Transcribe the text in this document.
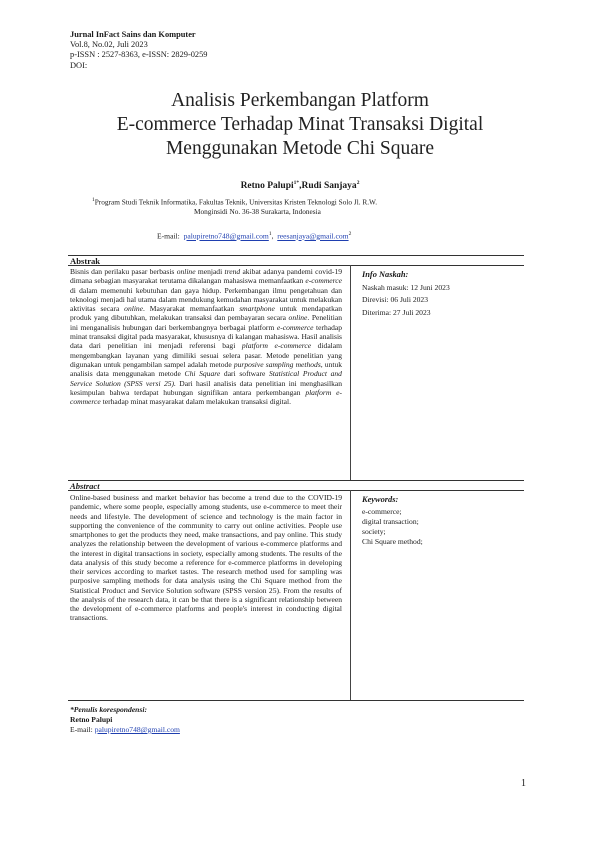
Jurnal InFact Sains dan Komputer
Vol.8, No.02, Juli 2023
p-ISSN : 2527-8363, e-ISSN: 2829-0259
DOI:
Analisis Perkembangan Platform
E-commerce Terhadap Minat Transaksi Digital
Menggunakan Metode Chi Square
Retno Palupi$^{1*}$,Rudi Sanjaya$^2$
$^1$Program Studi Teknik Informatika, Fakultas Teknik, Universitas Kristen Teknologi Solo Jl. R.W.
Monginsidi No. 36-38 Surakarta, Indonesia
E-mail: palupiretno748@gmail.com$^1$, reesanjaya@gmail.com$^2$
Abstrak
Bisnis dan perilaku pasar berbasis online menjadi trend akibat adanya pandemi covid-19 dimana sebagian masyarakat terutama dikalangan mahasiswa memanfaatkan e-commerce di dalam memenuhi kebutuhan dan gaya hidup. Perkembangan ilmu pengetahuan dan teknologi menjadi hal utama dalam mendukung kemudahan masyarakat untuk melakukan aktivitas secara online. Masyarakat memanfaatkan smartphone untuk mendapatkan produk yang dibutuhkan, melakukan transaksi dan pembayaran secara online. Penelitian ini menganalisis hubungan dari berkembangnya berbagai platform e-commerce terhadap minat transaksi digital pada masyarakat, khususnya di kalangan mahasiswa. Hasil analisis data dari penelitian ini menjadi referensi bagi platform e-commerce didalam mengembangkan layanan yang dimiliki sesuai selera pasar. Metode penelitian yang digunakan untuk pengambilan sampel adalah metode purposive sampling methods, untuk analisis data menggunakan metode Chi Square dari software Statistical Product and Service Solution (SPSS versi 25). Dari hasil analisis data penelitian ini menghasilkan kesimpulan bahwa terdapat hubungan signifikan antara perkembangan platform e-commerce terhadap minat masyarakat dalam melakukan transaksi digital.
Info Naskah:
Naskah masuk: 12 Juni 2023
Direvisi: 06 Juli 2023
Diterima: 27 Juli 2023
Abstract
Online-based business and market behavior has become a trend due to the COVID-19 pandemic, where some people, especially among students, use e-commerce to meet their needs and lifestyle. The development of science and technology is the main factor in supporting the convenience of the community to carry out online activities. People use smartphones to get the products they need, make transactions, and pay online. This study analyzes the relationship between the development of various e-commerce platforms and the interest in digital transactions in society, especially among students. The results of the data analysis of this study become a reference for e-commerce platforms in developing their services according to market tastes. The research method used for sampling was purposive sampling methods for data analysis using the Chi Square method from the Statistical Product and Service Solution software (SPSS version 25). From the results of the analysis of the research data, it can be that there is a significant relationship between the development of e-commerce platforms and people's interest in conducting digital transactions.
Keywords:
e-commerce;
digital transaction;
society;
Chi Square method;
*Penulis korespondensi:
Retno Palupi
E-mail: palupiretno748@gmail.com
1
